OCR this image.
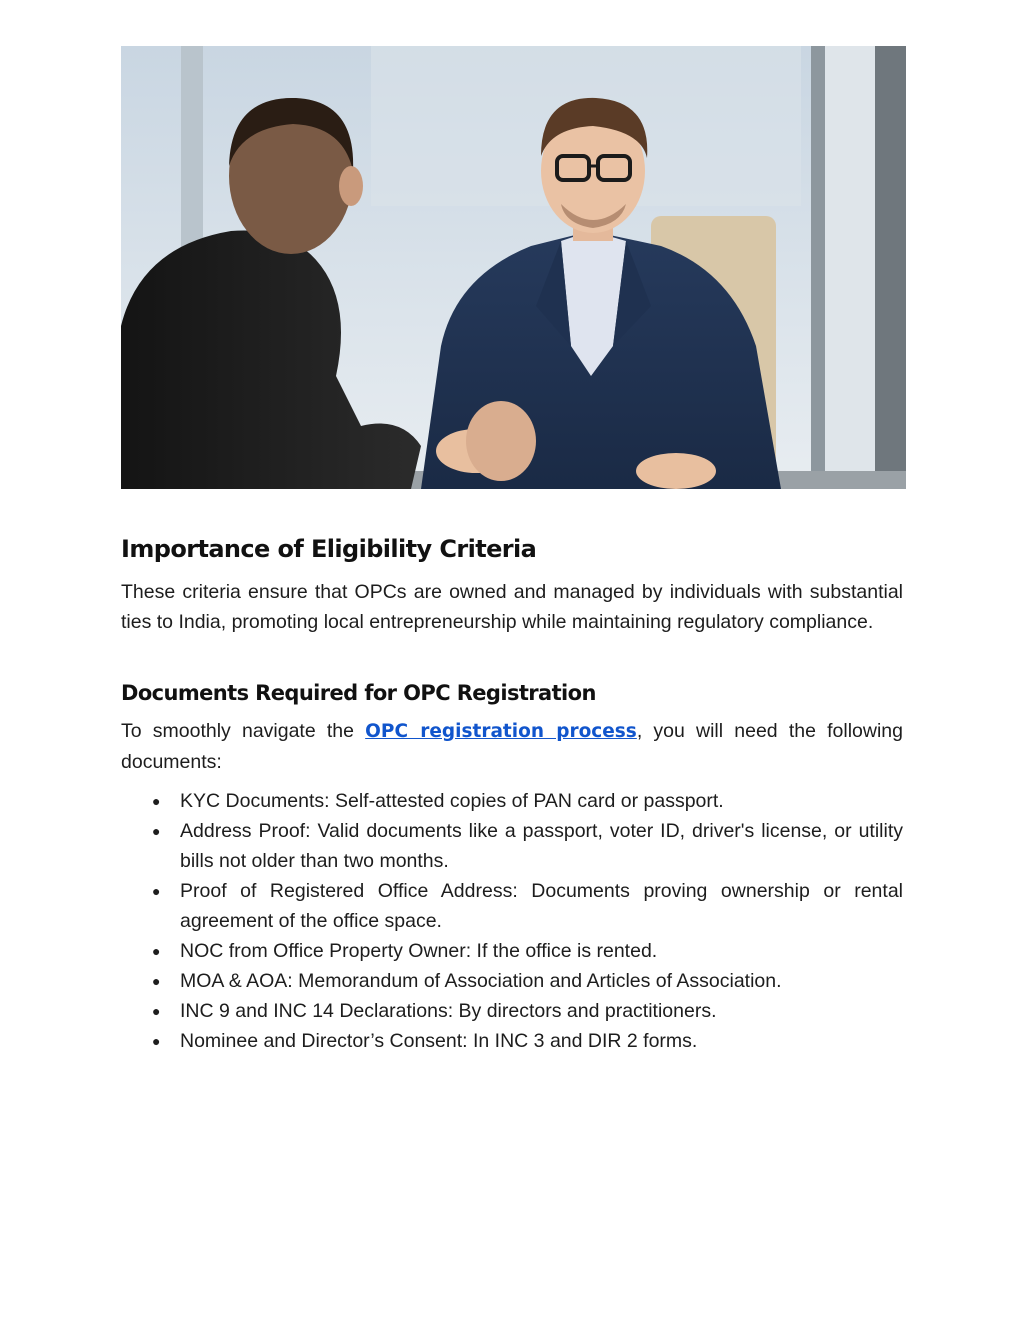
Importance of Eligibility Criteria

These criteria ensure that OPCs are owned and managed by individuals with substantial ties to India, promoting local entrepreneurship while maintaining regulatory compliance.

Documents Required for OPC Registration

To smoothly navigate the OPC registration process, you will need the following documents:

● KYC Documents: Self-attested copies of PAN card or passport.
● Address Proof: Valid documents like a passport, voter ID, driver's license, or utility bills not older than two months.
● Proof of Registered Office Address: Documents proving ownership or rental agreement of the office space.
● NOC from Office Property Owner: If the office is rented.
● MOA & AOA: Memorandum of Association and Articles of Association.
● INC 9 and INC 14 Declarations: By directors and practitioners.
● Nominee and Director’s Consent: In INC 3 and DIR 2 forms.
